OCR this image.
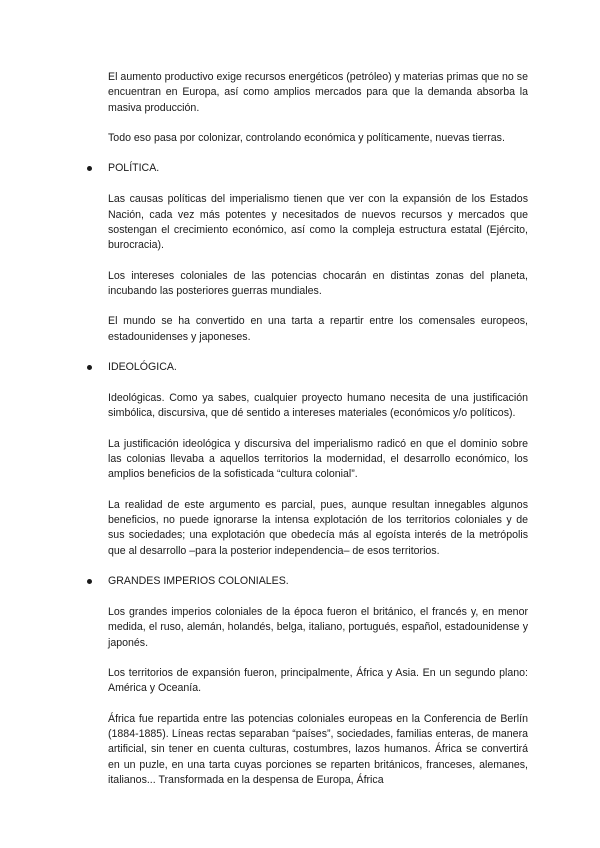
El aumento productivo exige recursos energéticos (petróleo) y materias primas que no se encuentran en Europa, así como amplios mercados para que la demanda absorba la masiva producción.

Todo eso pasa por colonizar, controlando económica y políticamente, nuevas tierras.

POLÍTICA.

Las causas políticas del imperialismo tienen que ver con la expansión de los Estados Nación, cada vez más potentes y necesitados de nuevos recursos y mercados que sostengan el crecimiento económico, así como la compleja estructura estatal (Ejército, burocracia).

Los intereses coloniales de las potencias chocarán en distintas zonas del planeta, incubando las posteriores guerras mundiales.

El mundo se ha convertido en una tarta a repartir entre los comensales europeos, estadounidenses y japoneses.

IDEOLÓGICA.

Ideológicas. Como ya sabes, cualquier proyecto humano necesita de una justificación simbólica, discursiva, que dé sentido a intereses materiales (económicos y/o políticos).

La justificación ideológica y discursiva del imperialismo radicó en que el dominio sobre las colonias llevaba a aquellos territorios la modernidad, el desarrollo económico, los amplios beneficios de la sofisticada “cultura colonial”.

La realidad de este argumento es parcial, pues, aunque resultan innegables algunos beneficios, no puede ignorarse la intensa explotación de los territorios coloniales y de sus sociedades; una explotación que obedecía más al egoísta interés de la metrópolis que al desarrollo –para la posterior independencia– de esos territorios.

GRANDES IMPERIOS COLONIALES.

Los grandes imperios coloniales de la época fueron el británico, el francés y, en menor medida, el ruso, alemán, holandés, belga, italiano, portugués, español, estadounidense y japonés.

Los territorios de expansión fueron, principalmente, África y Asia. En un segundo plano: América y Oceanía.

África fue repartida entre las potencias coloniales europeas en la Conferencia de Berlín (1884-1885). Líneas rectas separaban “países”, sociedades, familias enteras, de manera artificial, sin tener en cuenta culturas, costumbres, lazos humanos. África se convertirá en un puzle, en una tarta cuyas porciones se reparten británicos, franceses, alemanes, italianos... Transformada en la despensa de Europa, África
